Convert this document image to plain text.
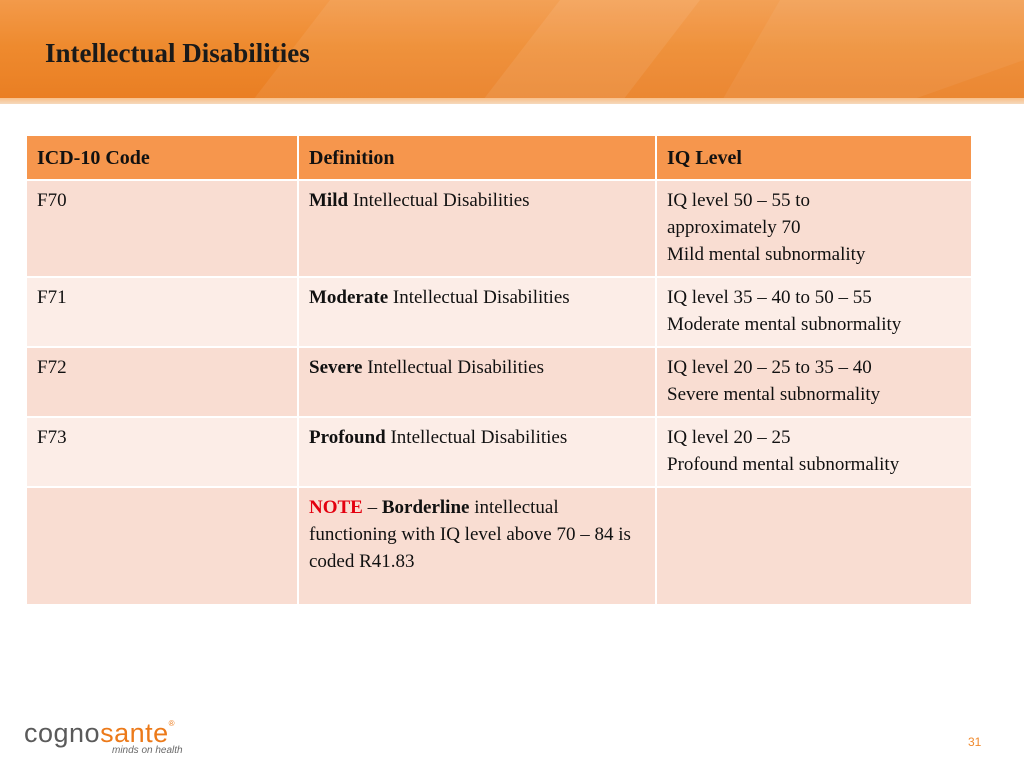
Intellectual Disabilities
ICD-10 Code	Definition	IQ Level
F70	Mild Intellectual Disabilities	IQ level 50 – 55 to approximately 70
Mild mental subnormality

F71	Moderate Intellectual Disabilities	IQ level 35 – 40 to 50 – 55
Moderate mental subnormality

F72	Severe Intellectual Disabilities	IQ level 20 – 25 to 35 – 40
Severe mental subnormality

F73	Profound Intellectual Disabilities	IQ level 20 – 25
Profound mental subnormality

	NOTE – Borderline intellectual functioning with IQ level above 70 – 84 is coded R41.83	
cognosante®
minds on health
31
